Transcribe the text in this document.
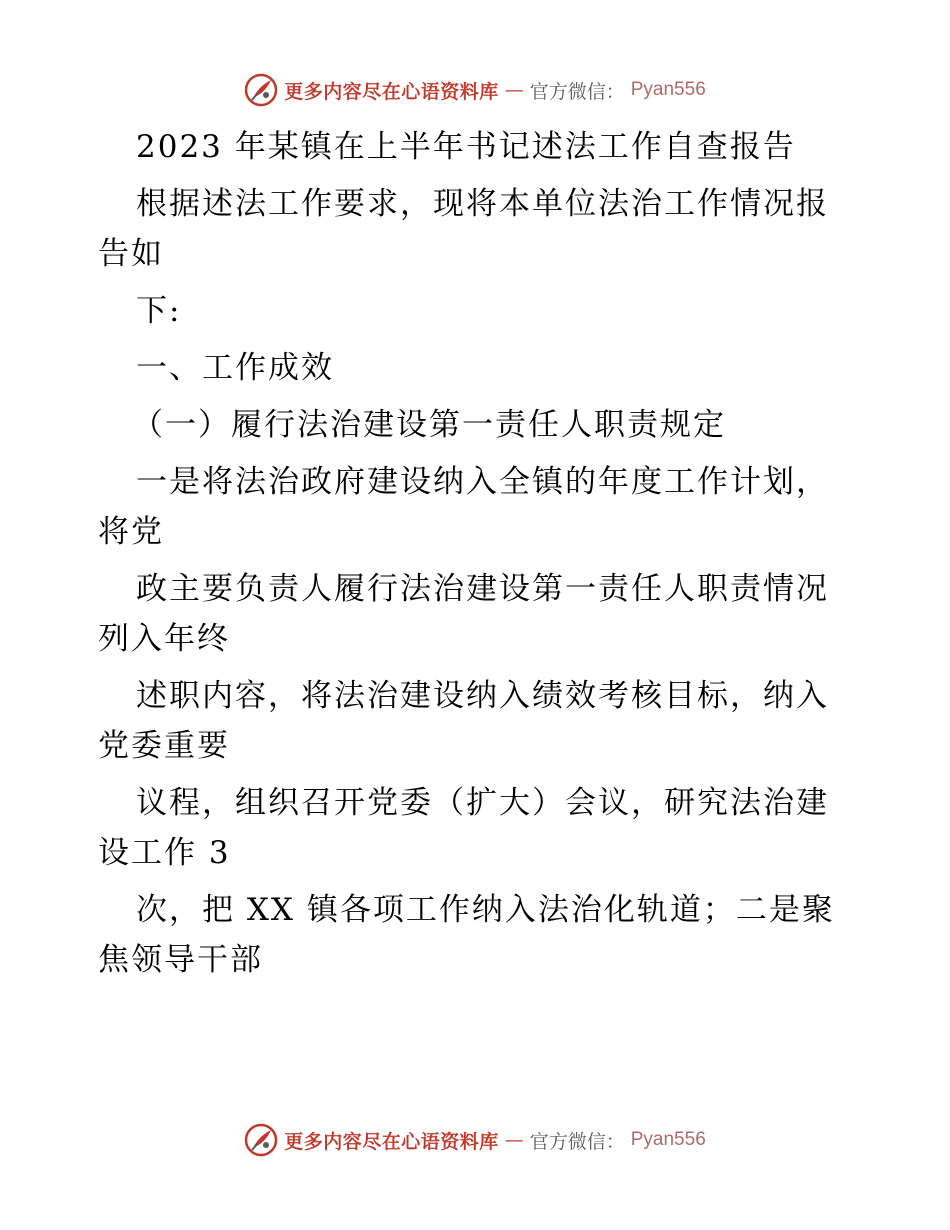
更多内容尽在心语资料库 — 官方微信： Pyan556
2023 年某镇在上半年书记述法工作自查报告
根据述法工作要求，现将本单位法治工作情况报
告如
下:
一、工作成效
（一）履行法治建设第一责任人职责规定
一是将法治政府建设纳入全镇的年度工作计划，
将党
政主要负责人履行法治建设第一责任人职责情况
列入年终
述职内容，将法治建设纳入绩效考核目标，纳入
党委重要
议程，组织召开党委（扩大）会议，研究法治建
设工作 3
次，把 XX 镇各项工作纳入法治化轨道；二是聚
焦领导干部
更多内容尽在心语资料库 — 官方微信： Pyan556
